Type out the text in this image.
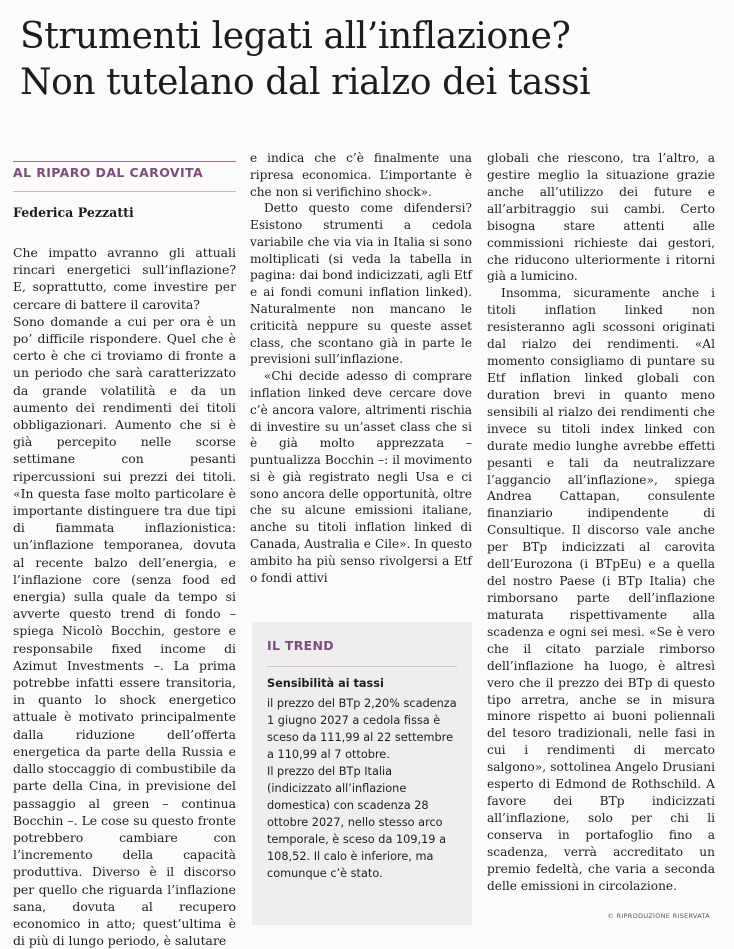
Strumenti legati all’inflazione?
Non tutelano dal rialzo dei tassi
AL RIPARO DAL CAROVITA
Federica Pezzatti

Che impatto avranno gli attuali rincari energetici sull’inflazione? E, soprattutto, come investire per cercare di battere il carovita?

Sono domande a cui per ora è un po’ difficile rispondere. Quel che è certo è che ci troviamo di fronte a un periodo che sarà caratterizzato da grande volatilità e da un aumento dei rendimenti dei titoli obbligazionari. Aumento che si è già percepito nelle scorse settimane con pesanti ripercussioni sui prezzi dei titoli. «In questa fase molto particolare è importante distinguere tra due tipi di fiammata inflazionistica: un’inflazione temporanea, dovuta al recente balzo dell’energia, e l’inflazione core (senza food ed energia) sulla quale da tempo si avverte questo trend di fondo – spiega Nicolò Bocchin, gestore e responsabile fixed income di Azimut Investments –. La prima potrebbe infatti essere transitoria, in quanto lo shock energetico attuale è motivato principalmente dalla riduzione dell’offerta energetica da parte della Russia e dallo stoccaggio di combustibile da parte della Cina, in previsione del passaggio al green – continua Bocchin –. Le cose su questo fronte potrebbero cambiare con l’incremento della capacità produttiva. Diverso è il discorso per quello che riguarda l’inflazione sana, dovuta al recupero economico in atto; quest’ultima è di più di lungo periodo, è salutare

e indica che c’è finalmente una ripresa economica. L’importante è che non si verifichino shock».

Detto questo come difendersi? Esistono strumenti a cedola variabile che via via in Italia si sono moltiplicati (si veda la tabella in pagina: dai bond indicizzati, agli Etf e ai fondi comuni inflation linked). Naturalmente non mancano le criticità neppure su queste asset class, che scontano già in parte le previsioni sull’inflazione.

«Chi decide adesso di comprare inflation linked deve cercare dove c’è ancora valore, altrimenti rischia di investire su un’asset class che si è già molto apprezzata – puntualizza Bocchin –: il movimento si è già registrato negli Usa e ci sono ancora delle opportunità, oltre che su alcune emissioni italiane, anche su titoli inflation linked di Canada, Australia e Cile». In questo ambito ha più senso rivolgersi a Etf o fondi attivi

IL TREND
Sensibilità ai tassi

il prezzo del BTp 2,20% scadenza 1 giugno 2027 a cedola fissa è sceso da 111,99 al 22 settembre a 110,99 al 7 ottobre.

Il prezzo del BTp Italia (indicizzato all’inflazione domestica) con scadenza 28 ottobre 2027, nello stesso arco temporale, è sceso da 109,19 a 108,52. Il calo è inferiore, ma comunque c’è stato.

globali che riescono, tra l’altro, a gestire meglio la situazione grazie anche all’utilizzo dei future e all’arbitraggio sui cambi. Certo bisogna stare attenti alle commissioni richieste dai gestori, che riducono ulteriormente i ritorni già a lumicino.

Insomma, sicuramente anche i titoli inflation linked non resisteranno agli scossoni originati dal rialzo dei rendimenti. «Al momento consigliamo di puntare su Etf inflation linked globali con duration brevi in quanto meno sensibili al rialzo dei rendimenti che invece su titoli index linked con durate medio lunghe avrebbe effetti pesanti e tali da neutralizzare l’aggancio all’inflazione», spiega Andrea Cattapan, consulente finanziario indipendente di Consultique. Il discorso vale anche per BTp indicizzati al carovita dell’Eurozona (i BTpEu) e a quella del nostro Paese (i BTp Italia) che rimborsano parte dell’inflazione maturata rispettivamente alla scadenza e ogni sei mesi. «Se è vero che il citato parziale rimborso dell’inflazione ha luogo, è altresì vero che il prezzo dei BTp di questo tipo arretra, anche se in misura minore rispetto ai buoni poliennali del tesoro tradizionali, nelle fasi in cui i rendimenti di mercato salgono», sottolinea Angelo Drusiani esperto di Edmond de Rothschild. A favore dei BTp indicizzati all’inflazione, solo per chi li conserva in portafoglio fino a scadenza, verrà accreditato un premio fedeltà, che varia a seconda delle emissioni in circolazione.

© RIPRODUZIONE RISERVATA
